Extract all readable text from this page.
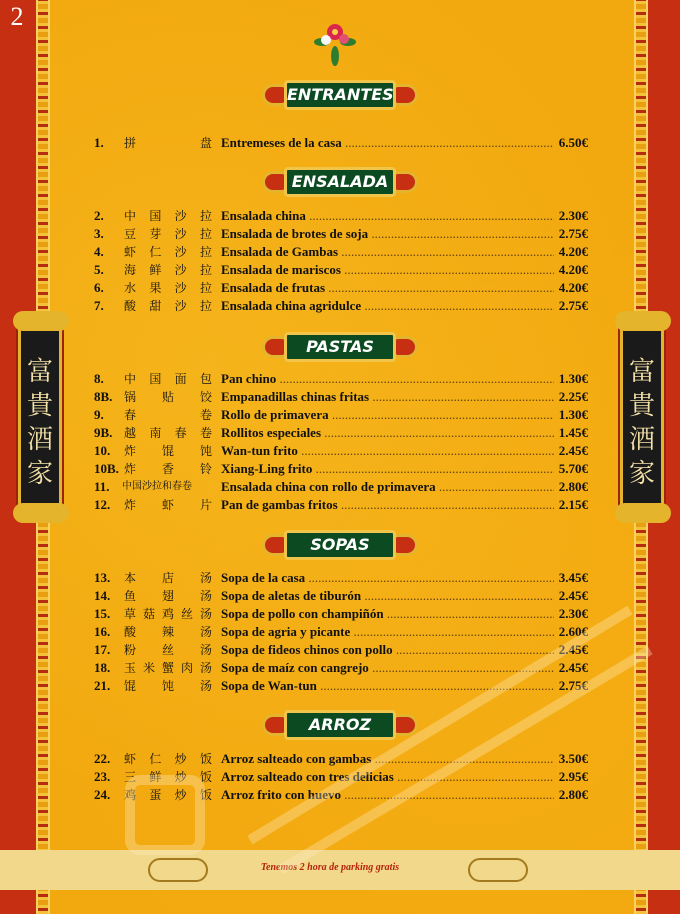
2
富
貴
酒
家
富
貴
酒
家
ENTRANTES
1.	拼 盘 Entremeses de la casa .....	6.50€
ENSALADA
2.	中国沙拉 Ensalada china .....	2.30€
3.	豆芽沙拉 Ensalada de brotes de soja .....	2.75€
4.	虾仁沙拉 Ensalada de Gambas .....	4.20€
5.	海鲜沙拉 Ensalada de mariscos .....	4.20€
6.	水果沙拉 Ensalada de frutas .....	4.20€
7.	酸甜沙拉 Ensalada china agridulce .....	2.75€
PASTAS
8.	中国面包 Pan chino .....	1.30€
8B. 锅贴饺 Empanadillas chinas fritas .....	2.25€
9.	春 卷 Rollo de primavera .....	1.30€
9B. 越南春卷 Rollitos especiales .....	1.45€
10.	炸馄饨 Wan-tun frito .....	2.45€
10B. 炸香铃 Xiang-Ling frito .....	5.70€
11.	中国沙拉和春卷	Ensalada china con rollo de primavera .....	2.80€
12.	炸虾片 Pan de gambas fritos .....	2.15€
SOPAS
13.	本店汤 Sopa de la casa .....	3.45€
14.	鱼翅汤 Sopa de aletas de tiburón .....	2.45€
15.	草菇鸡丝汤 Sopa de pollo con champiñón .....	2.30€
16.	酸辣汤 Sopa de agria y picante .....	2.60€
17.	粉丝汤 Sopa de fideos chinos con pollo .....	2.45€
18.	玉米蟹肉汤 Sopa de maíz con cangrejo .....	2.45€
21.	馄饨汤 Sopa de Wan-tun .....	2.75€
ARROZ
22.	虾仁炒饭 Arroz salteado con gambas .....	3.50€
23.	三鲜炒饭 Arroz salteado con tres delicias .....	2.95€
24.	鸡蛋炒饭 Arroz frito con huevo .....	2.80€
Tenemos 2 hora de parking gratis
